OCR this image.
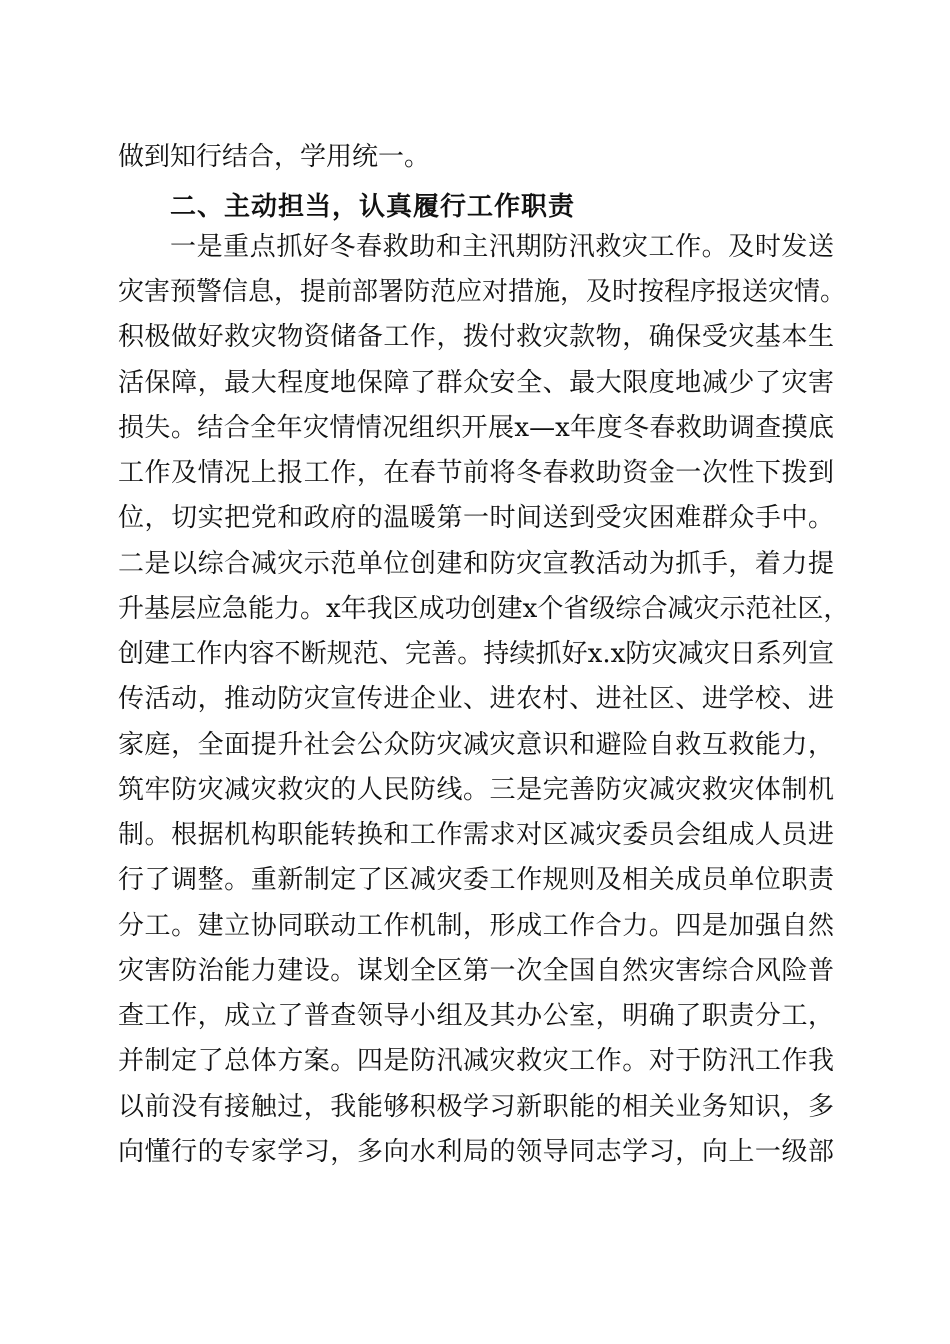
做到知行结合，学用统一。
二、主动担当，认真履行工作职责
一是重点抓好冬春救助和主汛期防汛救灾工作。及时发送
灾害预警信息，提前部署防范应对措施，及时按程序报送灾情。
积极做好救灾物资储备工作，拨付救灾款物，确保受灾基本生
活保障，最大程度地保障了群众安全、最大限度地减少了灾害
损失。结合全年灾情情况组织开展x—x年度冬春救助调查摸底
工作及情况上报工作，在春节前将冬春救助资金一次性下拨到
位，切实把党和政府的温暖第一时间送到受灾困难群众手中。
二是以综合减灾示范单位创建和防灾宣教活动为抓手，着力提
升基层应急能力。x年我区成功创建x个省级综合减灾示范社区，
创建工作内容不断规范、完善。持续抓好x.x防灾减灾日系列宣
传活动，推动防灾宣传进企业、进农村、进社区、进学校、进
家庭，全面提升社会公众防灾减灾意识和避险自救互救能力，
筑牢防灾减灾救灾的人民防线。三是完善防灾减灾救灾体制机
制。根据机构职能转换和工作需求对区减灾委员会组成人员进
行了调整。重新制定了区减灾委工作规则及相关成员单位职责
分工。建立协同联动工作机制，形成工作合力。四是加强自然
灾害防治能力建设。谋划全区第一次全国自然灾害综合风险普
查工作，成立了普查领导小组及其办公室，明确了职责分工，
并制定了总体方案。四是防汛减灾救灾工作。对于防汛工作我
以前没有接触过，我能够积极学习新职能的相关业务知识，多
向懂行的专家学习，多向水利局的领导同志学习，向上一级部
